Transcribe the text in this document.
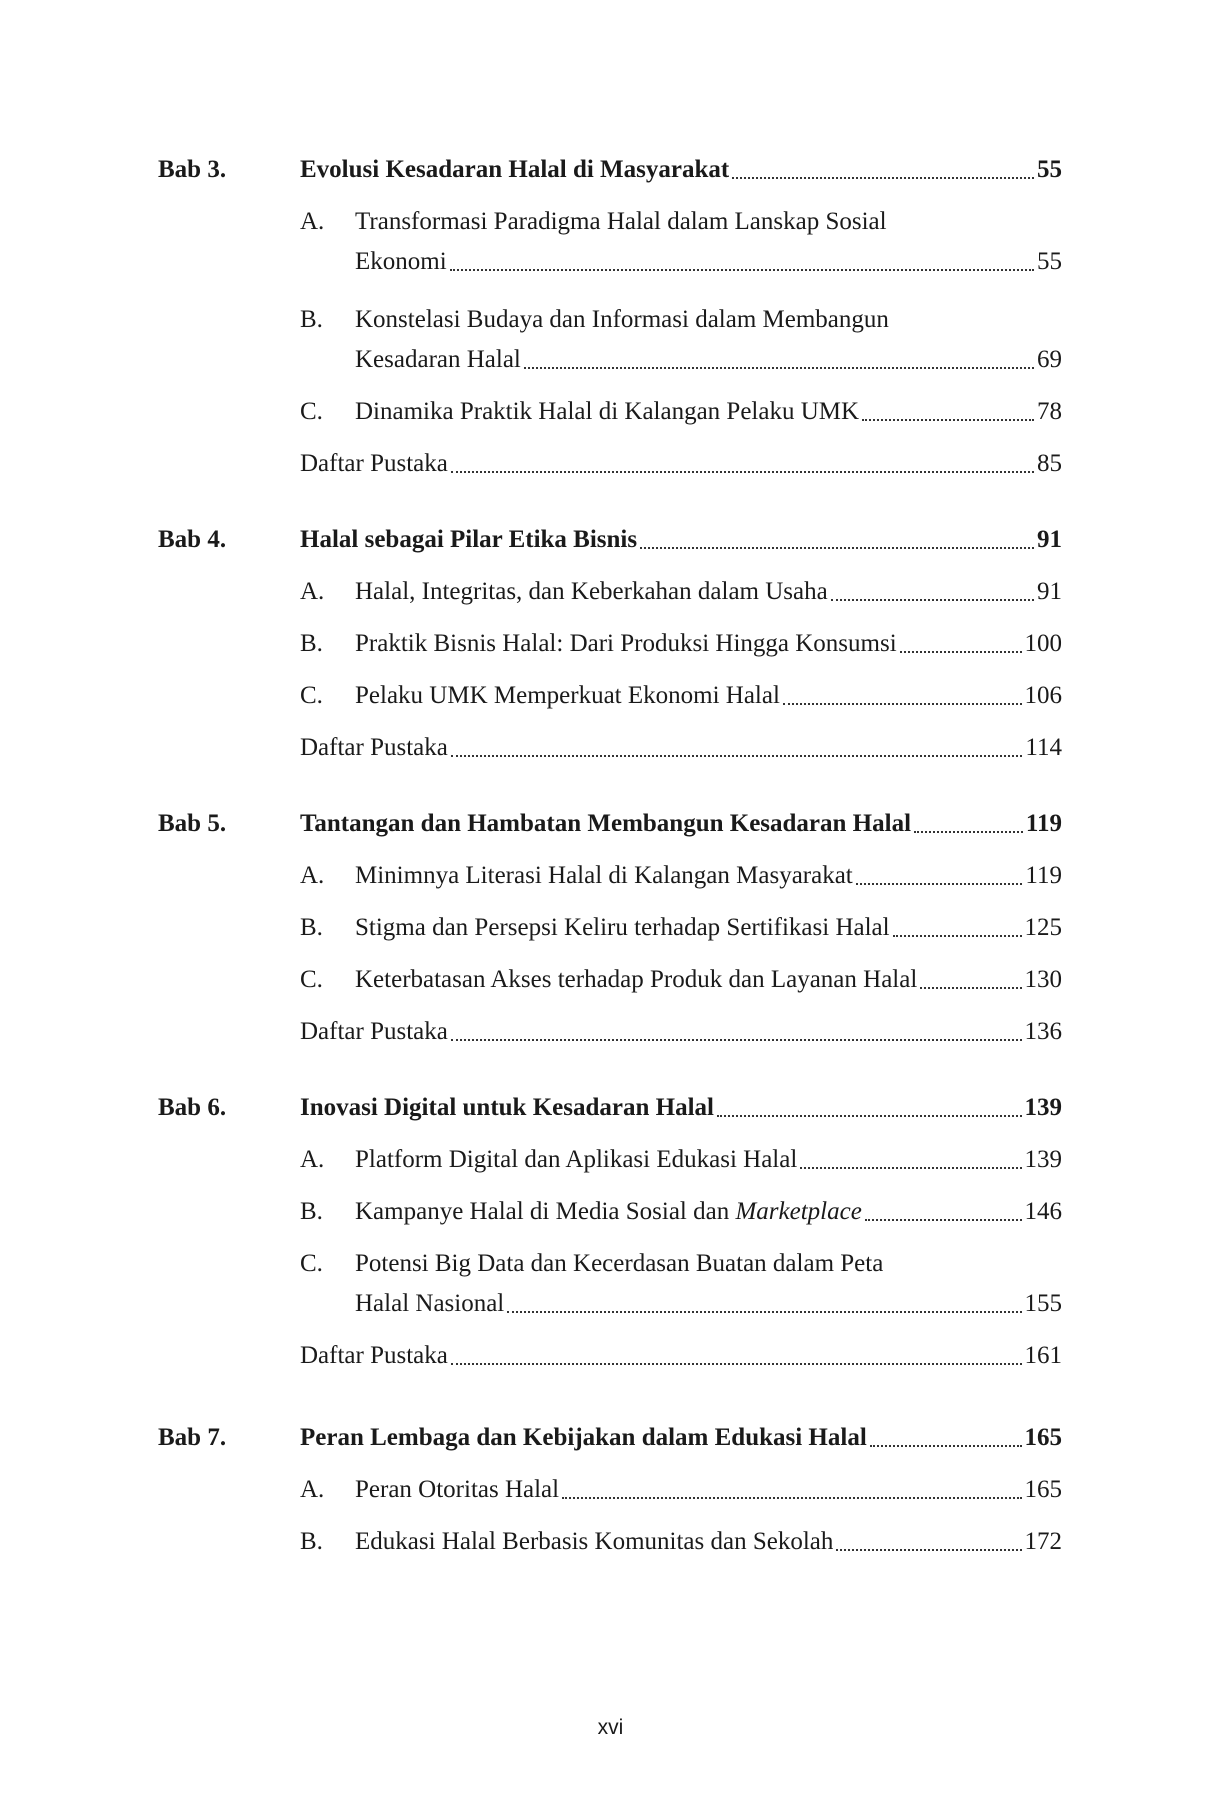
Bab 3.	Evolusi Kesadaran Halal di Masyarakat	55
A. Transformasi Paradigma Halal dalam Lanskap Sosial
Ekonomi	55
B. Konstelasi Budaya dan Informasi dalam Membangun
Kesadaran Halal	69
C. Dinamika Praktik Halal di Kalangan Pelaku UMK	78
Daftar Pustaka	85
Bab 4.	Halal sebagai Pilar Etika Bisnis	91
A. Halal, Integritas, dan Keberkahan dalam Usaha	91
B. Praktik Bisnis Halal: Dari Produksi Hingga Konsumsi	100
C. Pelaku UMK Memperkuat Ekonomi Halal	106
Daftar Pustaka	114
Bab 5.	Tantangan dan Hambatan Membangun Kesadaran Halal	119
A. Minimnya Literasi Halal di Kalangan Masyarakat	119
B. Stigma dan Persepsi Keliru terhadap Sertifikasi Halal	125
C. Keterbatasan Akses terhadap Produk dan Layanan Halal	130
Daftar Pustaka	136
Bab 6.	Inovasi Digital untuk Kesadaran Halal	139
A. Platform Digital dan Aplikasi Edukasi Halal	139
B. Kampanye Halal di Media Sosial dan Marketplace	146
C. Potensi Big Data dan Kecerdasan Buatan dalam Peta
Halal Nasional	155
Daftar Pustaka	161
Bab 7.	Peran Lembaga dan Kebijakan dalam Edukasi Halal	165
A. Peran Otoritas Halal	165
B. Edukasi Halal Berbasis Komunitas dan Sekolah	172
xvi
